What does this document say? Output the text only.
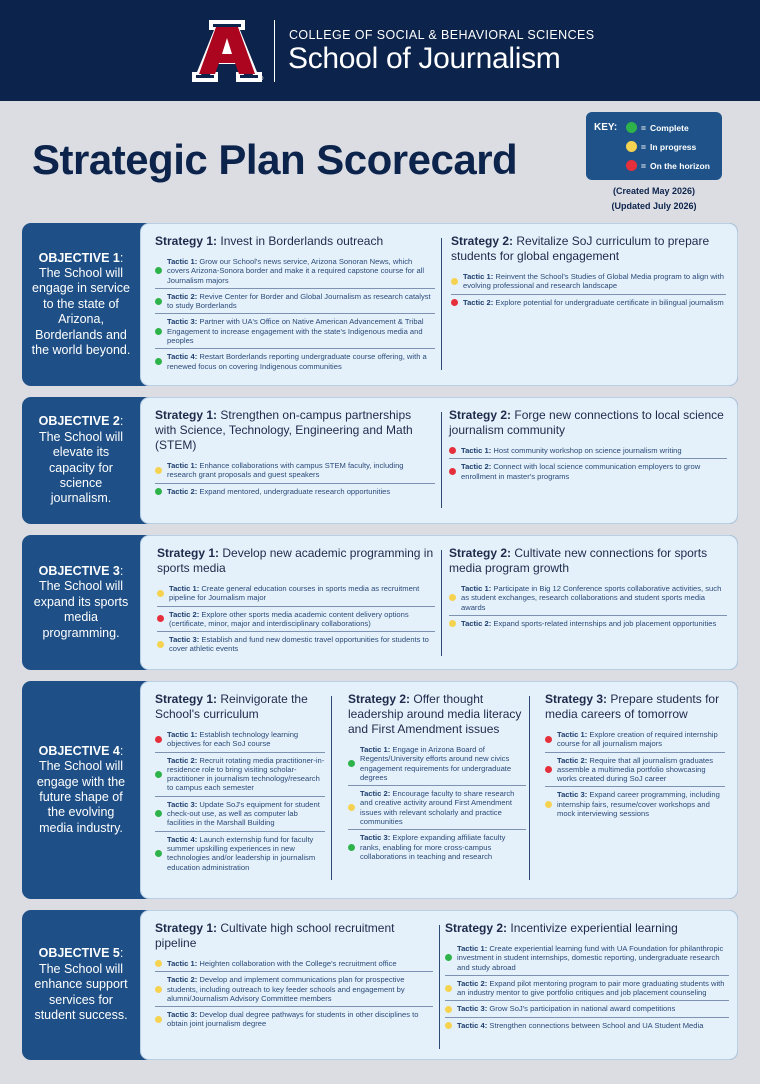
COLLEGE OF SOCIAL & BEHAVIORAL SCIENCES
School of Journalism
Strategic Plan Scorecard
KEY:	= Complete
= In progress
= On the horizon
(Created May 2026)
(Updated July 2026)
OBJECTIVE 1: The School will engage in service to the state of Arizona, Borderlands and the world beyond.
Strategy 1: Invest in Borderlands outreach
Tactic 1: Grow our School's news service, Arizona Sonoran News, which covers Arizona-Sonora border and make it a required capstone course for all Journalism majors
Tactic 2: Revive Center for Border and Global Journalism as research catalyst to study Borderlands
Tactic 3: Partner with UA's Office on Native American Advancement & Tribal Engagement to increase engagement with the state's Indigenous media and peoples
Tactic 4: Restart Borderlands reporting undergraduate course offering, with a renewed focus on covering Indigenous communities
Strategy 2: Revitalize SoJ curriculum to prepare students for global engagement
Tactic 1: Reinvent the School's Studies of Global Media program to align with evolving professional and research landscape
Tactic 2: Explore potential for undergraduate certificate in bilingual journalism
OBJECTIVE 2: The School will elevate its capacity for science journalism.
Strategy 1: Strengthen on-campus partnerships with Science, Technology, Engineering and Math (STEM)
Tactic 1: Enhance collaborations with campus STEM faculty, including research grant proposals and guest speakers
Tactic 2: Expand mentored, undergraduate research opportunities
Strategy 2: Forge new connections to local science journalism community
Tactic 1: Host community workshop on science journalism writing
Tactic 2: Connect with local science communication employers to grow enrollment in master's programs
OBJECTIVE 3: The School will expand its sports media programming.
Strategy 1: Develop new academic programming in sports media
Tactic 1: Create general education courses in sports media as recruitment pipeline for Journalism major
Tactic 2: Explore other sports media academic content delivery options (certificate, minor, major and interdisciplinary collaborations)
Tactic 3: Establish and fund new domestic travel opportunities for students to cover athletic events
Strategy 2: Cultivate new connections for sports media program growth
Tactic 1: Participate in Big 12 Conference sports collaborative activities, such as student exchanges, research collaborations and student sports media awards
Tactic 2: Expand sports-related internships and job placement opportunities
OBJECTIVE 4: The School will engage with the future shape of the evolving media industry.
Strategy 1: Reinvigorate the School's curriculum
Tactic 1: Establish technology learning objectives for each SoJ course
Tactic 2: Recruit rotating media practitioner-in-residence role to bring visiting scholar-practitioner in journalism technology/research to campus each semester
Tactic 3: Update SoJ's equipment for student check-out use, as well as computer lab facilities in the Marshall Building
Tactic 4: Launch externship fund for faculty summer upskilling experiences in new technologies and/or leadership in journalism education administration
Strategy 2: Offer thought leadership around media literacy and First Amendment issues
Tactic 1: Engage in Arizona Board of Regents/University efforts around new civics engagement requirements for undergraduate degrees
Tactic 2: Encourage faculty to share research and creative activity around First Amendment issues with relevant scholarly and practice communities
Tactic 3: Explore expanding affiliate faculty ranks, enabling for more cross-campus collaborations in teaching and research
Strategy 3: Prepare students for media careers of tomorrow
Tactic 1: Explore creation of required internship course for all journalism majors
Tactic 2: Require that all journalism graduates assemble a multimedia portfolio showcasing works created during SoJ career
Tactic 3: Expand career programming, including internship fairs, resume/cover workshops and mock interviewing sessions
OBJECTIVE 5: The School will enhance support services for student success.
Strategy 1: Cultivate high school recruitment pipeline
Tactic 1: Heighten collaboration with the College's recruitment office
Tactic 2: Develop and implement communications plan for prospective students, including outreach to key feeder schools and engagement by alumni/Journalism Advisory Committee members
Tactic 3: Develop dual degree pathways for students in other disciplines to obtain joint journalism degree
Strategy 2: Incentivize experiential learning
Tactic 1: Create experiential learning fund with UA Foundation for philanthropic investment in student internships, domestic reporting, undergraduate research and study abroad
Tactic 2: Expand pilot mentoring program to pair more graduating students with an industry mentor to give portfolio critiques and job placement counseling
Tactic 3: Grow SoJ's participation in national award competitions
Tactic 4: Strengthen connections between School and UA Student Media
